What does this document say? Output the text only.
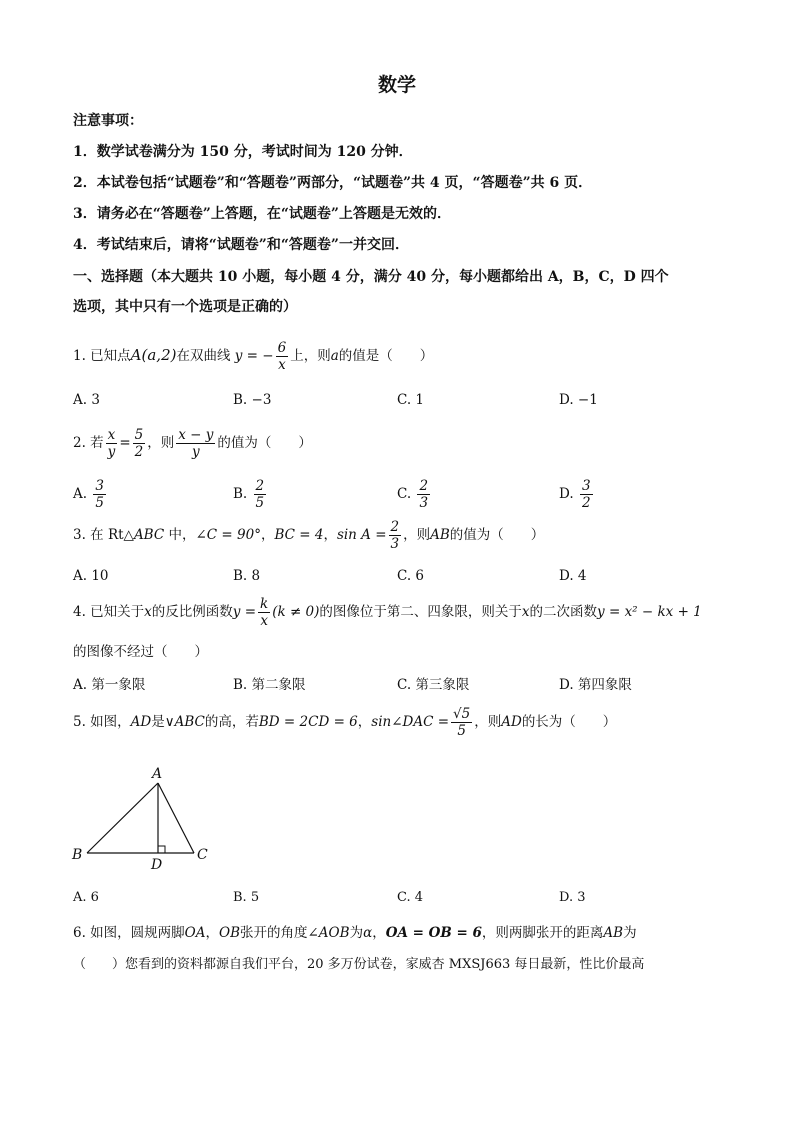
数学
注意事项：
1．数学试卷满分为 150 分，考试时间为 120 分钟．
2．本试卷包括“试题卷”和“答题卷”两部分，“试题卷”共 4 页，“答题卷”共 6 页．
3．请务必在“答题卷”上答题，在“试题卷”上答题是无效的．
4．考试结束后，请将“试题卷”和“答题卷”一并交回．
一、选择题（本大题共 10 小题，每小题 4 分，满分 40 分，每小题都给出 A，B，C，D 四个
选项，其中只有一个选项是正确的）
1. 已知点A(a,2)在双曲线 y = − $\frac{6}{x}$ 上，则a的值是（　　）
A. 3	B. −3	C. 1	D. −1
2. 若 $\frac{x}{y} = \frac{5}{2}$ ，则 $\frac{x - y}{y}$ 的值为（　　）
A. $\frac{3}{5}$	B. $\frac{2}{5}$	C. $\frac{2}{3}$	D. $\frac{3}{2}$
3. 在 Rt△ABC 中，∠C = 90°，BC = 4，$\sin A = \frac{2}{3}$ ，则AB的值为（　　）
A. 10	B. 8	C. 6	D. 4
4. 已知关于x的反比例函数$y = \frac{k}{x} (k \ne 0)$的图像位于第二、四象限，则关于x的二次函数y = x² − kx + 1
的图像不经过（　　）
A. 第一象限	B. 第二象限	C. 第三象限	D. 第四象限
5. 如图，AD是∨ABC的高，若BD = 2CD = 6，sin∠DAC = $\frac{√5}{5}$ ，则AD的长为（　　）
A
B	C
D
A. 6	B. 5	C. 4	D. 3
6. 如图，圆规两脚OA，OB张开的角度∠AOB为α，OA = OB = 6，则两脚张开的距离AB为
（　　）您看到的资料都源自我们平台，20 多万份试卷，家威杏 MXSJ663 每日最新，性比价最高
